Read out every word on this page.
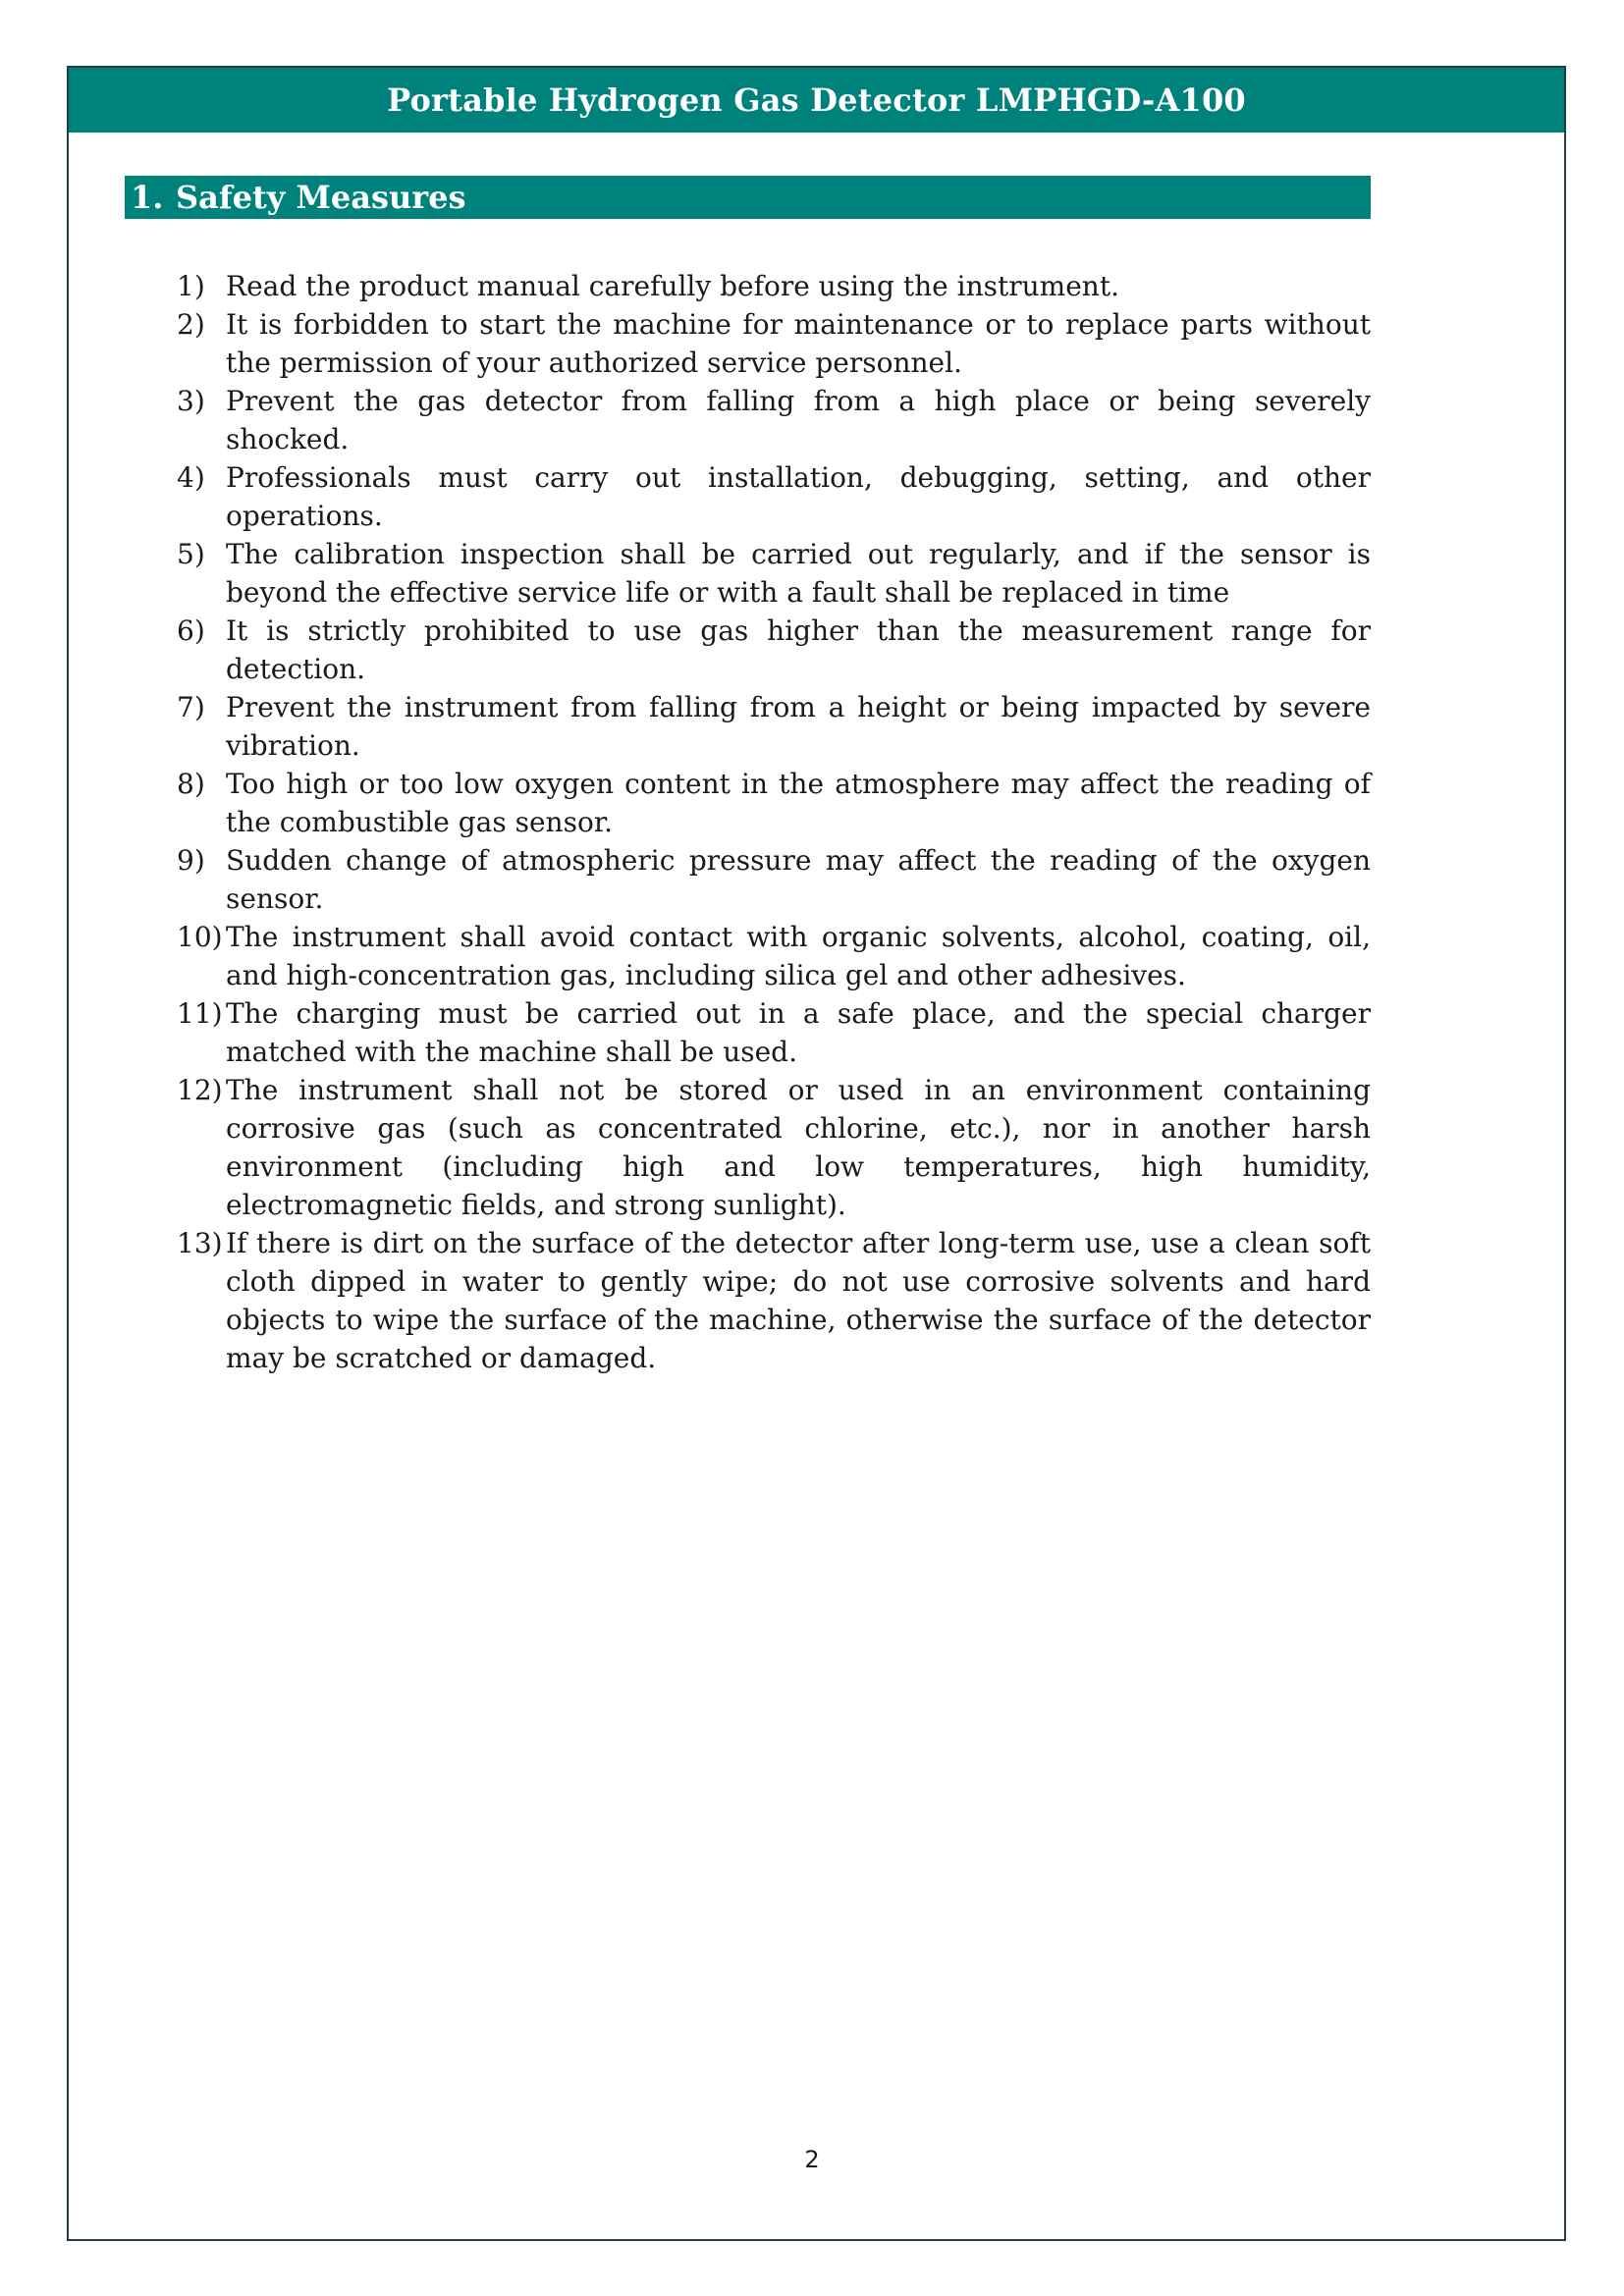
Portable Hydrogen Gas Detector LMPHGD-A100
1. Safety Measures
1) Read the product manual carefully before using the instrument.
2) It is forbidden to start the machine for maintenance or to replace parts without the permission of your authorized service personnel.
3) Prevent the gas detector from falling from a high place or being severely shocked.
4) Professionals must carry out installation, debugging, setting, and other operations.
5) The calibration inspection shall be carried out regularly, and if the sensor is beyond the effective service life or with a fault shall be replaced in time
6) It is strictly prohibited to use gas higher than the measurement range for detection.
7) Prevent the instrument from falling from a height or being impacted by severe vibration.
8) Too high or too low oxygen content in the atmosphere may affect the reading of the combustible gas sensor.
9) Sudden change of atmospheric pressure may affect the reading of the oxygen sensor.
10) The instrument shall avoid contact with organic solvents, alcohol, coating, oil, and high-concentration gas, including silica gel and other adhesives.
11) The charging must be carried out in a safe place, and the special charger matched with the machine shall be used.
12) The instrument shall not be stored or used in an environment containing corrosive gas (such as concentrated chlorine, etc.), nor in another harsh environment (including high and low temperatures, high humidity, electromagnetic fields, and strong sunlight).
13) If there is dirt on the surface of the detector after long-term use, use a clean soft cloth dipped in water to gently wipe; do not use corrosive solvents and hard objects to wipe the surface of the machine, otherwise the surface of the detector may be scratched or damaged.
2
